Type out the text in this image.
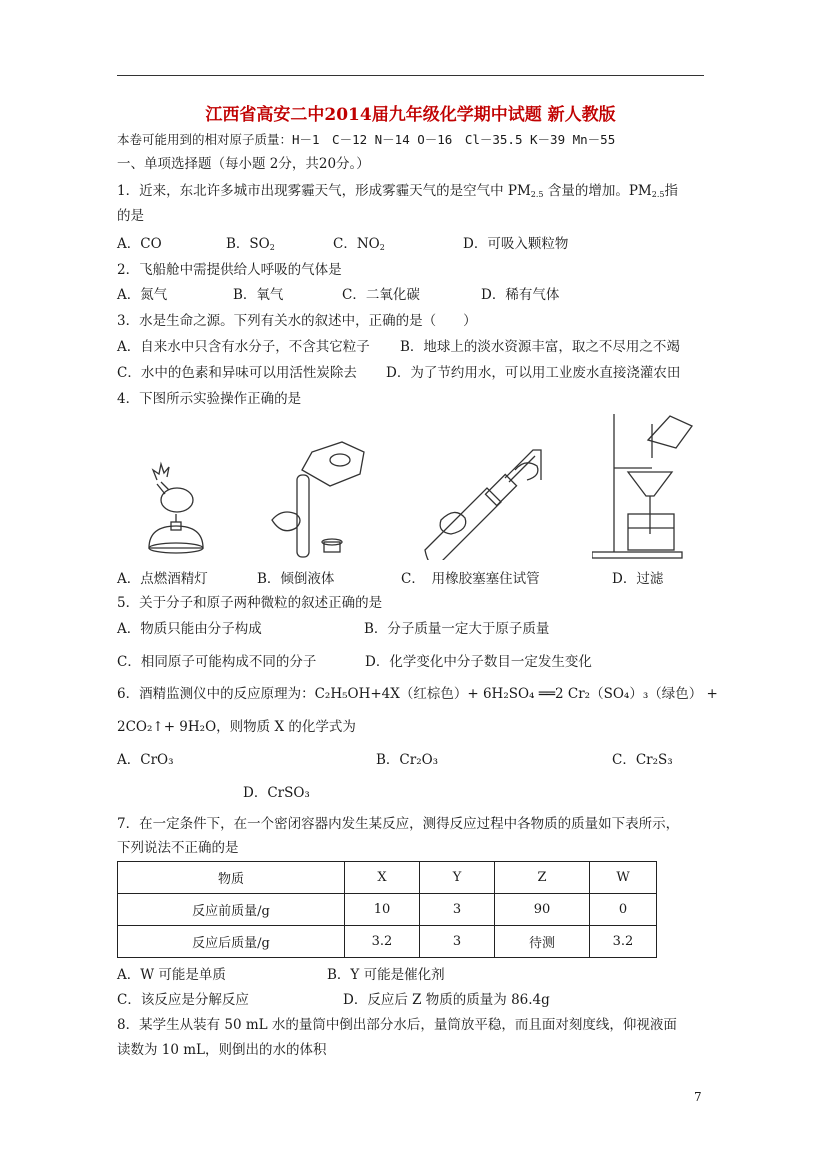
江西省高安二中2014届九年级化学期中试题 新人教版
本卷可能用到的相对原子质量：H－1　C－12 N－14 O－16　Cl－35.5 K－39 Mn－55
一、单项选择题（每小题 2分，共20分。）
1．近来，东北许多城市出现雾霾天气，形成雾霾天气的是空气中 $PM_{2.5}$ 含量的增加。$PM_{2.5}$指
的是
A．CO	B．$SO_2$	C．$NO_2$	D．可吸入颗粒物
2．飞船舱中需提供给人呼吸的气体是
A．氮气	B．氧气	C．二氧化碳	D．稀有气体
3．水是生命之源。下列有关水的叙述中，正确的是（　　）
A．自来水中只含有水分子，不含其它粒子 B．地球上的淡水资源丰富，取之不尽用之不竭
C．水中的色素和异味可以用活性炭除去 D．为了节约用水，可以用工业废水直接浇灌农田
4．下图所示实验操作正确的是
A．点燃酒精灯	B．倾倒液体	C．　用橡胶塞塞住试管	D．过滤
5．关于分子和原子两种微粒的叙述正确的是
A．物质只能由分子构成	B．分子质量一定大于原子质量
C．相同原子可能构成不同的分子	D．化学变化中分子数目一定发生变化
6．酒精监测仪中的反应原理为：C₂H₅OH+4X（红棕色）+ 6H₂SO₄ ══2 Cr₂（SO₄）₃（绿色） +
2CO₂↑+ 9H₂O，则物质 X 的化学式为
A．CrO₃	B．Cr₂O₃	C．Cr₂S₃
D．CrSO₃
7．在一定条件下，在一个密闭容器内发生某反应，测得反应过程中各物质的质量如下表所示，
下列说法不正确的是
物质	X	Y	Z	W
反应前质量/g	10	3	90	0
反应后质量/g	3.2	3	待测	3.2
A．W 可能是单质	B．Y 可能是催化剂
C．该反应是分解反应	D．反应后 Z 物质的质量为 86.4g
8．某学生从装有 50 mL 水的量筒中倒出部分水后，量筒放平稳，而且面对刻度线，仰视液面
读数为 10 mL，则倒出的水的体积
7
